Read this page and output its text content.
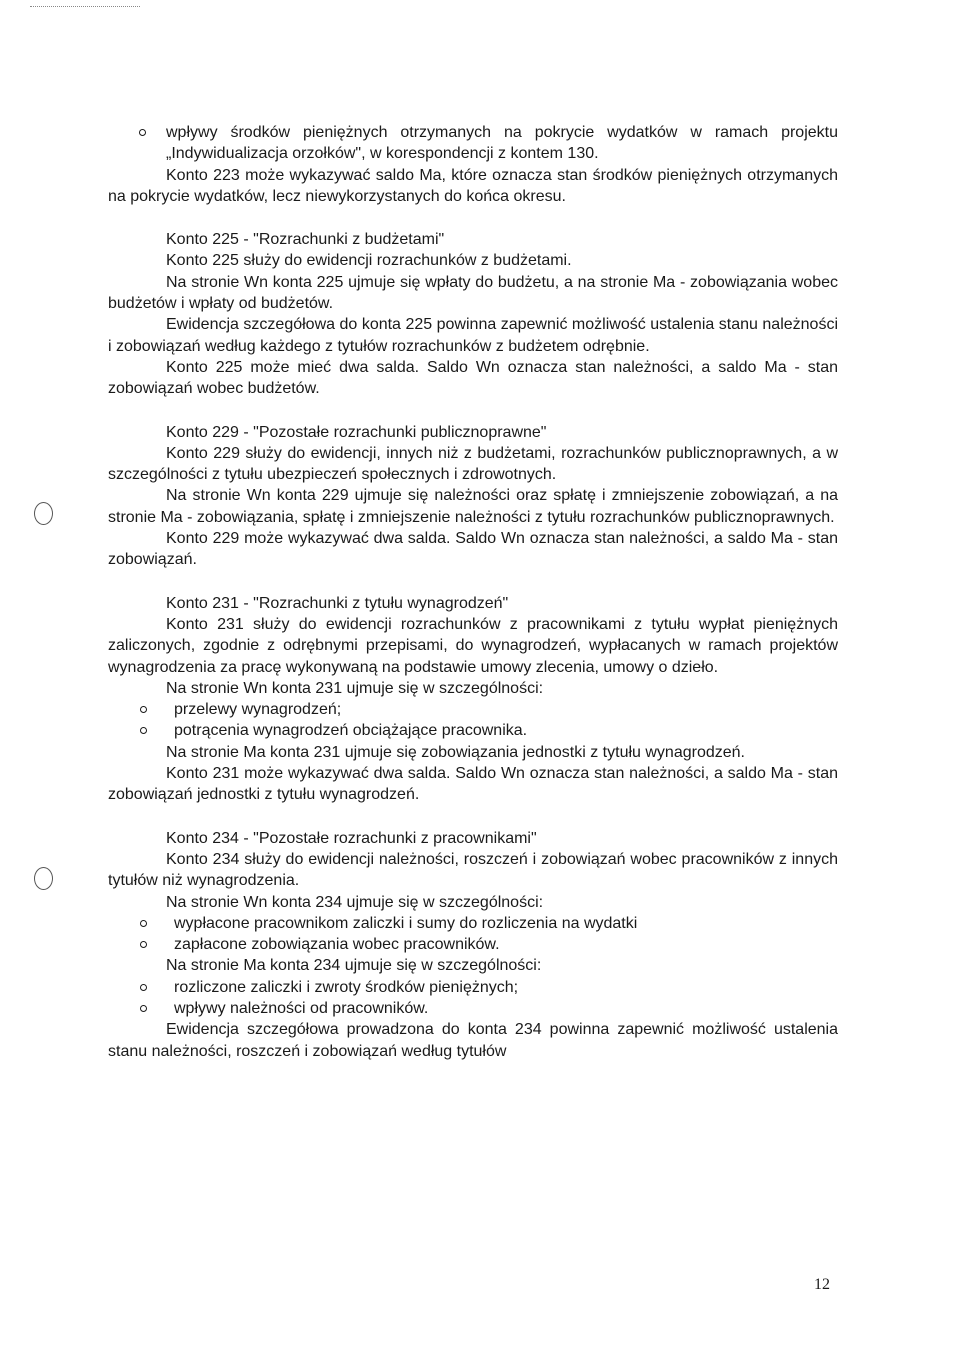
wpływy środków pieniężnych otrzymanych na pokrycie wydatków w ramach projektu „Indywidualizacja orzołków", w korespondencji z kontem 130.

Konto 223 może wykazywać saldo Ma, które oznacza stan środków pieniężnych otrzymanych na pokrycie wydatków, lecz niewykorzystanych do końca okresu.

Konto 225 - "Rozrachunki z budżetami"

Konto 225 służy do ewidencji rozrachunków z budżetami.

Na stronie Wn konta 225 ujmuje się wpłaty do budżetu, a na stronie Ma - zobowiązania wobec budżetów i wpłaty od budżetów.

Ewidencja szczegółowa do konta 225 powinna zapewnić możliwość ustalenia stanu należności i zobowiązań według każdego z tytułów rozrachunków z budżetem odrębnie.

Konto 225 może mieć dwa salda. Saldo Wn oznacza stan należności, a saldo Ma - stan zobowiązań wobec budżetów.

Konto 229 - "Pozostałe rozrachunki publicznoprawne"

Konto 229 służy do ewidencji, innych niż z budżetami, rozrachunków publicznoprawnych, a w szczególności z tytułu ubezpieczeń społecznych i zdrowotnych.

Na stronie Wn konta 229 ujmuje się należności oraz spłatę i zmniejszenie zobowiązań, a na stronie Ma - zobowiązania, spłatę i zmniejszenie należności z tytułu rozrachunków publicznoprawnych.

Konto 229 może wykazywać dwa salda. Saldo Wn oznacza stan należności, a saldo Ma - stan zobowiązań.

Konto 231 - "Rozrachunki z tytułu wynagrodzeń"

Konto 231 służy do ewidencji rozrachunków z pracownikami z tytułu wypłat pieniężnych zaliczonych, zgodnie z odrębnymi przepisami, do wynagrodzeń, wypłacanych w ramach projektów wynagrodzenia za pracę wykonywaną na podstawie umowy zlecenia, umowy o dzieło.

Na stronie Wn konta 231 ujmuje się w szczególności:

przelewy wynagrodzeń;

potrącenia wynagrodzeń obciążające pracownika.

Na stronie Ma konta 231 ujmuje się zobowiązania jednostki z tytułu wynagrodzeń.

Konto 231 może wykazywać dwa salda. Saldo Wn oznacza stan należności, a saldo Ma - stan zobowiązań jednostki z tytułu wynagrodzeń.

Konto 234 - "Pozostałe rozrachunki z pracownikami"

Konto 234 służy do ewidencji należności, roszczeń i zobowiązań wobec pracowników z innych tytułów niż wynagrodzenia.

Na stronie Wn konta 234 ujmuje się w szczególności:

wypłacone pracownikom zaliczki i sumy do rozliczenia na wydatki

zapłacone zobowiązania wobec pracowników.

Na stronie Ma konta 234 ujmuje się w szczególności:

rozliczone zaliczki i zwroty środków pieniężnych;

wpływy należności od pracowników.

Ewidencja szczegółowa prowadzona do konta 234 powinna zapewnić możliwość ustalenia stanu należności, roszczeń i zobowiązań według tytułów

12
